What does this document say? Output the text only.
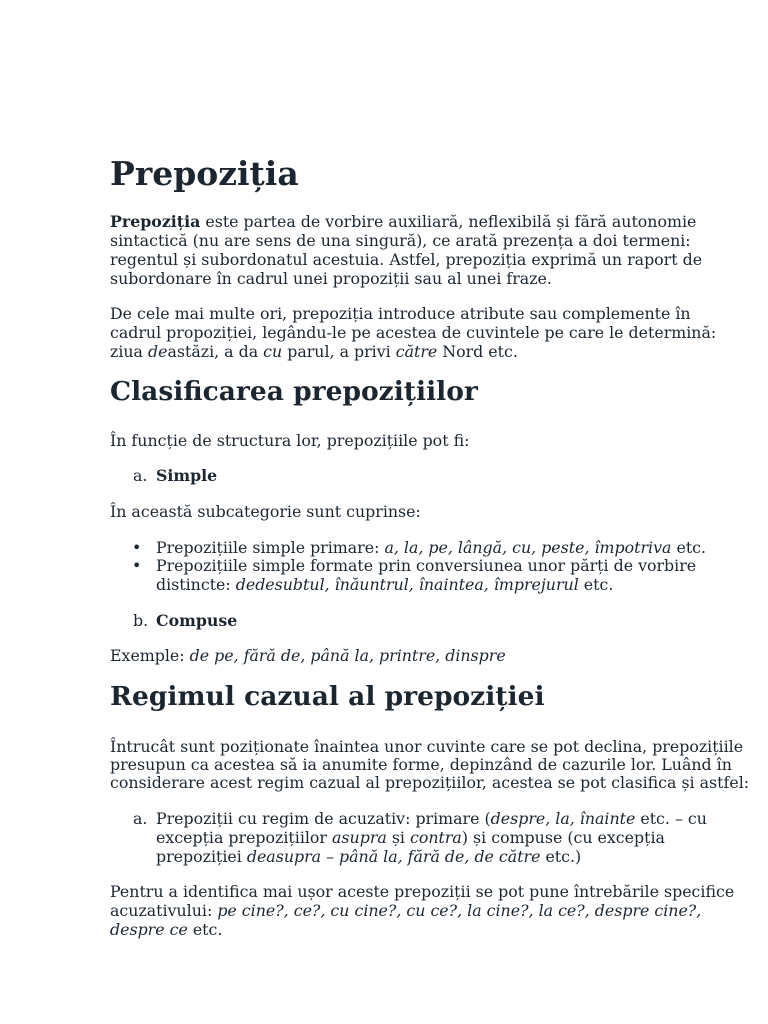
Prepoziția
Prepoziția este partea de vorbire auxiliară, neflexibilă și fără autonomie
sintactică (nu are sens de una singură), ce arată prezența a doi termeni:
regentul și subordonatul acestuia. Astfel, prepoziția exprimă un raport de
subordonare în cadrul unei propoziții sau al unei fraze.
De cele mai multe ori, prepoziția introduce atribute sau complemente în
cadrul propoziției, legându-le pe acestea de cuvintele pe care le determină:
ziua deastăzi, a da cu parul, a privi către Nord etc.
Clasificarea prepozițiilor
În funcție de structura lor, prepozițiile pot fi:
a. Simple
În această subcategorie sunt cuprinse:
• Prepozițiile simple primare: a, la, pe, lângă, cu, peste, împotriva etc.
• Prepozițiile simple formate prin conversiunea unor părți de vorbire
distincte: dedesubtul, înăuntrul, înaintea, împrejurul etc.
b. Compuse
Exemple: de pe, fără de, până la, printre, dinspre
Regimul cazual al prepoziției
Întrucât sunt poziționate înaintea unor cuvinte care se pot declina, prepozițiile
presupun ca acestea să ia anumite forme, depinzând de cazurile lor. Luând în
considerare acest regim cazual al prepozițiilor, acestea se pot clasifica și astfel:
a. Prepoziții cu regim de acuzativ: primare (despre, la, înainte etc. – cu
excepția prepozițiilor asupra și contra) și compuse (cu excepția
prepoziției deasupra – până la, fără de, de către etc.)
Pentru a identifica mai ușor aceste prepoziții se pot pune întrebările specifice
acuzativului: pe cine?, ce?, cu cine?, cu ce?, la cine?, la ce?, despre cine?,
despre ce etc.
